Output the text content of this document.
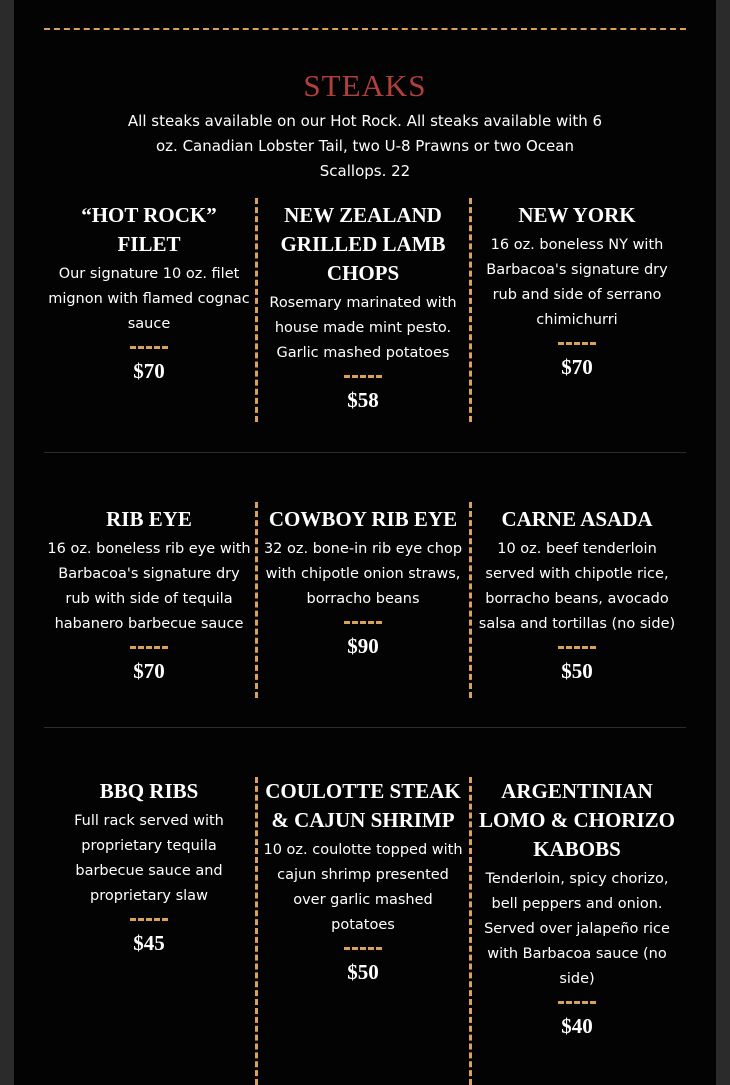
STEAKS

All steaks available on our Hot Rock. All steaks available with 6 oz. Canadian Lobster Tail, two U-8 Prawns or two Ocean Scallops. 22

“HOT ROCK” FILET

Our signature 10 oz. filet mignon with flamed cognac sauce

$70

NEW ZEALAND GRILLED LAMB CHOPS

Rosemary marinated with house made mint pesto. Garlic mashed potatoes

$58

NEW YORK

16 oz. boneless NY with Barbacoa's signature dry rub and side of serrano chimichurri

$70

RIB EYE

16 oz. boneless rib eye with Barbacoa's signature dry rub with side of tequila habanero barbecue sauce

$70

COWBOY RIB EYE

32 oz. bone-in rib eye chop with chipotle onion straws, borracho beans

$90

CARNE ASADA

10 oz. beef tenderloin served with chipotle rice, borracho beans, avocado salsa and tortillas (no side)

$50

BBQ RIBS

Full rack served with proprietary tequila barbecue sauce and proprietary slaw

$45

COULOTTE STEAK & CAJUN SHRIMP

10 oz. coulotte topped with cajun shrimp presented over garlic mashed potatoes

$50

ARGENTINIAN LOMO & CHORIZO KABOBS

Tenderloin, spicy chorizo, bell peppers and onion. Served over jalapeño rice with Barbacoa sauce (no side)

$40
